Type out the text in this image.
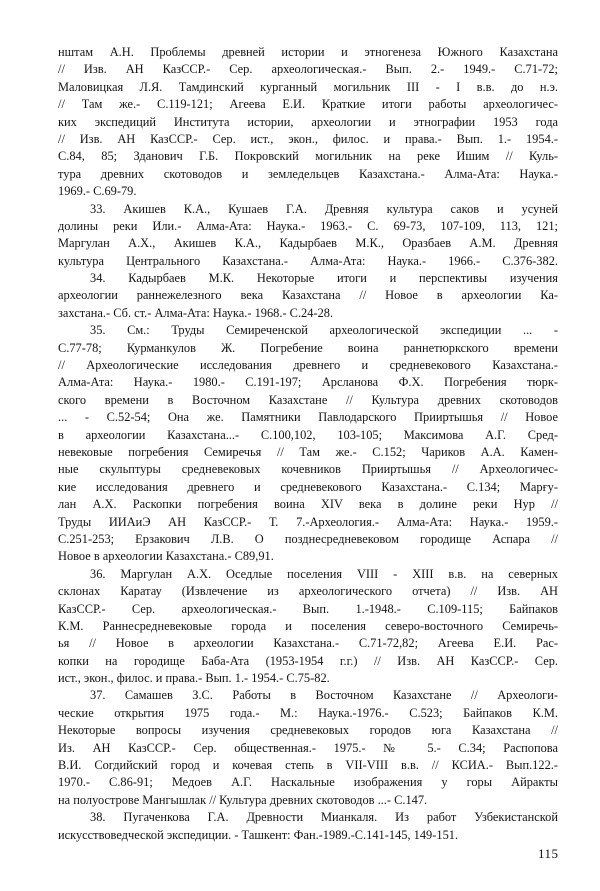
нштам А.Н. Проблемы древней истории и этногенеза Южного Казахстана
// Изв. АН КазССР.- Сер. археологическая.- Вып. 2.- 1949.- С.71-72;
Маловицкая Л.Я. Тамдинский курганный могильник III - I в.в. до н.э.
// Там же.- С.119-121; Агеева Е.И. Краткие итоги работы археологичес-
ких экспедиций Института истории, археологии и этнографии 1953 года
// Изв. АН КазССР.- Сер. ист., экон., филос. и права.- Вып. 1.- 1954.-
С.84, 85; Зданович Г.Б. Покровский могильник на реке Ишим // Куль-
тура древних скотоводов и земледельцев Казахстана.- Алма-Ата: Наука.-
1969.- С.69-79.
33. Акишев К.А., Кушаев Г.А. Древняя культура саков и усуней
долины реки Или.- Алма-Ата: Наука.- 1963.- С. 69-73, 107-109, 113, 121;
Маргулан А.Х., Акишев К.А., Кадырбаев М.К., Оразбаев А.М. Древняя
культура Центрального Казахстана.- Алма-Ата: Наука.- 1966.- С.376-382.
34. Кадырбаев М.К. Некоторые итоги и перспективы изучения
археологии раннежелезного века Казахстана // Новое в археологии Ка-
захстана.- Сб. ст.- Алма-Ата: Наука.- 1968.- С.24-28.
35. См.: Труды Семиреченской археологической экспедиции ... -
С.77-78; Курманкулов Ж. Погребение воина раннетюркского времени
// Археологические исследования древнего и средневекового Казахстана.-
Алма-Ата: Наука.- 1980.- С.191-197; Арсланова Ф.Х. Погребения тюрк-
ского времени в Восточном Казахстане // Культура древних скотоводов
... - С.52-54; Она же. Памятники Павлодарского Прииртышья // Новое
в археологии Казахстана...- С.100,102, 103-105; Максимова А.Г. Сред-
невековые погребения Семиречья // Там же.- С.152; Чариков А.А. Камен-
ные скульптуры средневековых кочевников Прииртышья // Археологичес-
кие исследования древнего и средневекового Казахстана.- С.134; Марғу-
лан А.Х. Раскопки погребения воина XIV века в долине реки Нур //
Труды ИИАиЭ АН КазССР.- Т. 7.-Археология.- Алма-Ата: Наука.- 1959.-
С.251-253; Ерзакович Л.В. О позднесредневековом городище Аспара //
Новое в археологии Казахстана.- С89,91.
36. Маргулан А.Х. Оседлые поселения VIII - XIII в.в. на северных
склонах Каратау (Извлечение из археологического отчета) // Изв. АН
КазССР.- Сер. археологическая.- Вып. 1.-1948.- С.109-115; Байпаков
К.М. Раннесредневековые города и поселения северо-восточного Семиречь-
ья // Новое в археологии Казахстана.- С.71-72,82; Агеева Е.И. Рас-
копки на городище Баба-Ата (1953-1954 г.г.) // Изв. АН КазССР.- Сер.
ист., экон., филос. и права.- Вып. 1.- 1954.- С.75-82.
37. Самашев З.С. Работы в Восточном Казахстане // Археологи-
ческие открытия 1975 года.- М.: Наука.-1976.- С.523; Байпаков К.М.
Некоторые вопросы изучения средневековых городов юга Казахстана //
Из. АН КазССР.- Сер. общественная.- 1975.- № 5.- С.34; Распопова
В.И. Согдийский город и кочевая степь в VII-VIII в.в. // КСИА.- Вып.122.-
1970.- С.86-91; Медоев А.Г. Наскальные изображения у горы Айракты
на полуострове Мангышлак // Культура древних скотоводов ...- С.147.
38. Пугаченкова Г.А. Древности Мианкаля. Из работ Узбекистанской
искусствоведческой экспедиции. - Ташкент: Фан.-1989.-С.141-145, 149-151.
115
